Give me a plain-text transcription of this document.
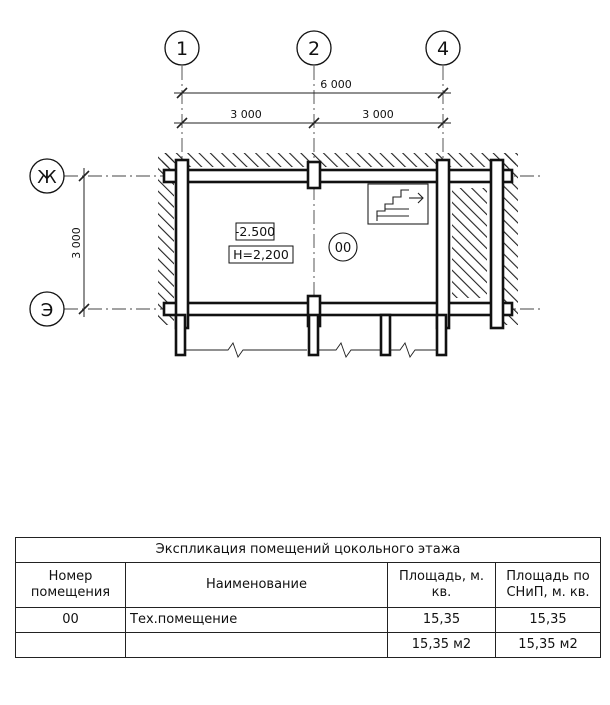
1	2	4
Ж
Э
6 000
3 000	3 000
3 000	-2.500
H=2,200	00
Экспликация помещений цокольного этажа			
Номер помещения	Наименование	Площадь, м. кв.	Площадь по СНиП, м. кв.
00	Тех.помещение	15,35	15,35
		15,35 м2	15,35 м2
